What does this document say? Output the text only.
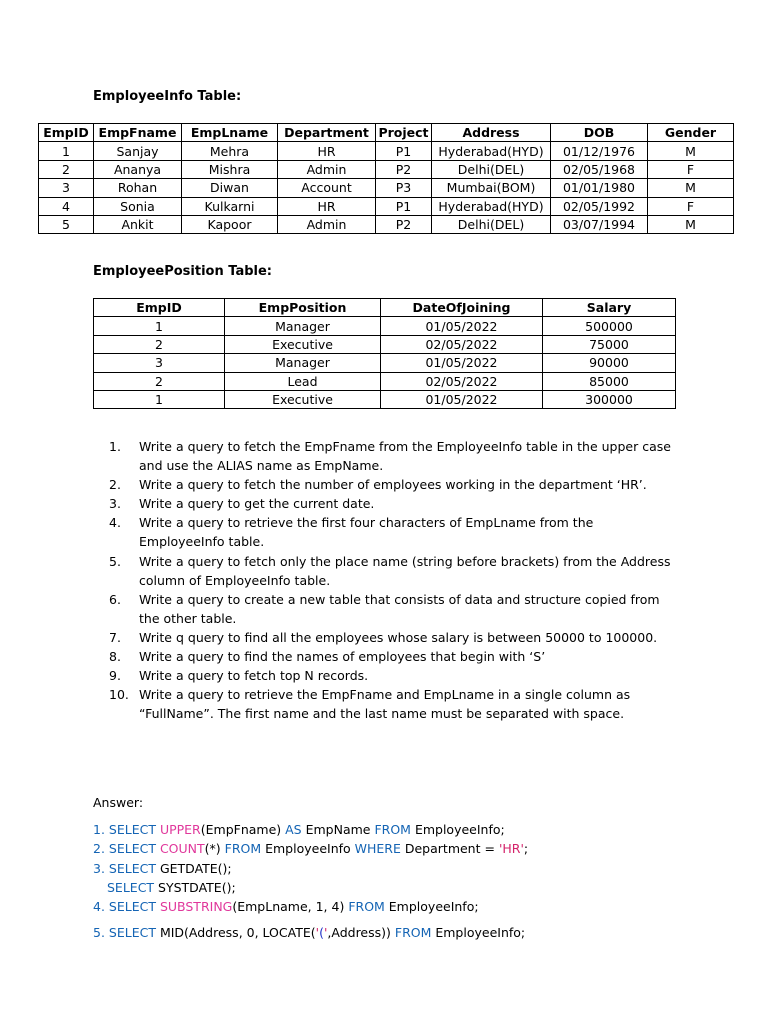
EmployeeInfo Table:
EmpID	EmpFname	EmpLname	Department	Project	Address	DOB	Gender
1	Sanjay	Mehra	HR	P1	Hyderabad(HYD)	01/12/1976	M
2	Ananya	Mishra	Admin	P2	Delhi(DEL)	02/05/1968	F
3	Rohan	Diwan	Account	P3	Mumbai(BOM)	01/01/1980	M
4	Sonia	Kulkarni	HR	P1	Hyderabad(HYD)	02/05/1992	F
5	Ankit	Kapoor	Admin	P2	Delhi(DEL)	03/07/1994	M
EmployeePosition Table:
EmpID	EmpPosition	DateOfJoining	Salary
1	Manager	01/05/2022	500000
2	Executive	02/05/2022	75000
3	Manager	01/05/2022	90000
2	Lead	02/05/2022	85000
1	Executive	01/05/2022	300000
1.	Write a query to fetch the EmpFname from the EmployeeInfo table in the upper case
and use the ALIAS name as EmpName.
2.	Write a query to fetch the number of employees working in the department ‘HR’.
3.	Write a query to get the current date.
4.	Write a query to retrieve the first four characters of EmpLname from the
EmployeeInfo table.
5.	Write a query to fetch only the place name (string before brackets) from the Address
column of EmployeeInfo table.
6.	Write a query to create a new table that consists of data and structure copied from
the other table.
7.	Write q query to find all the employees whose salary is between 50000 to 100000.
8.	Write a query to find the names of employees that begin with ‘S’
9.	Write a query to fetch top N records.
10. Write a query to retrieve the EmpFname and EmpLname in a single column as
“FullName”. The first name and the last name must be separated with space.
Answer:
1. SELECT UPPER(EmpFname) AS EmpName FROM EmployeeInfo;
2. SELECT COUNT(*) FROM EmployeeInfo WHERE Department = 'HR';
3. SELECT GETDATE();
SELECT SYSTDATE();
4. SELECT SUBSTRING(EmpLname, 1, 4) FROM EmployeeInfo;
5. SELECT MID(Address, 0, LOCATE('(',Address)) FROM EmployeeInfo;
